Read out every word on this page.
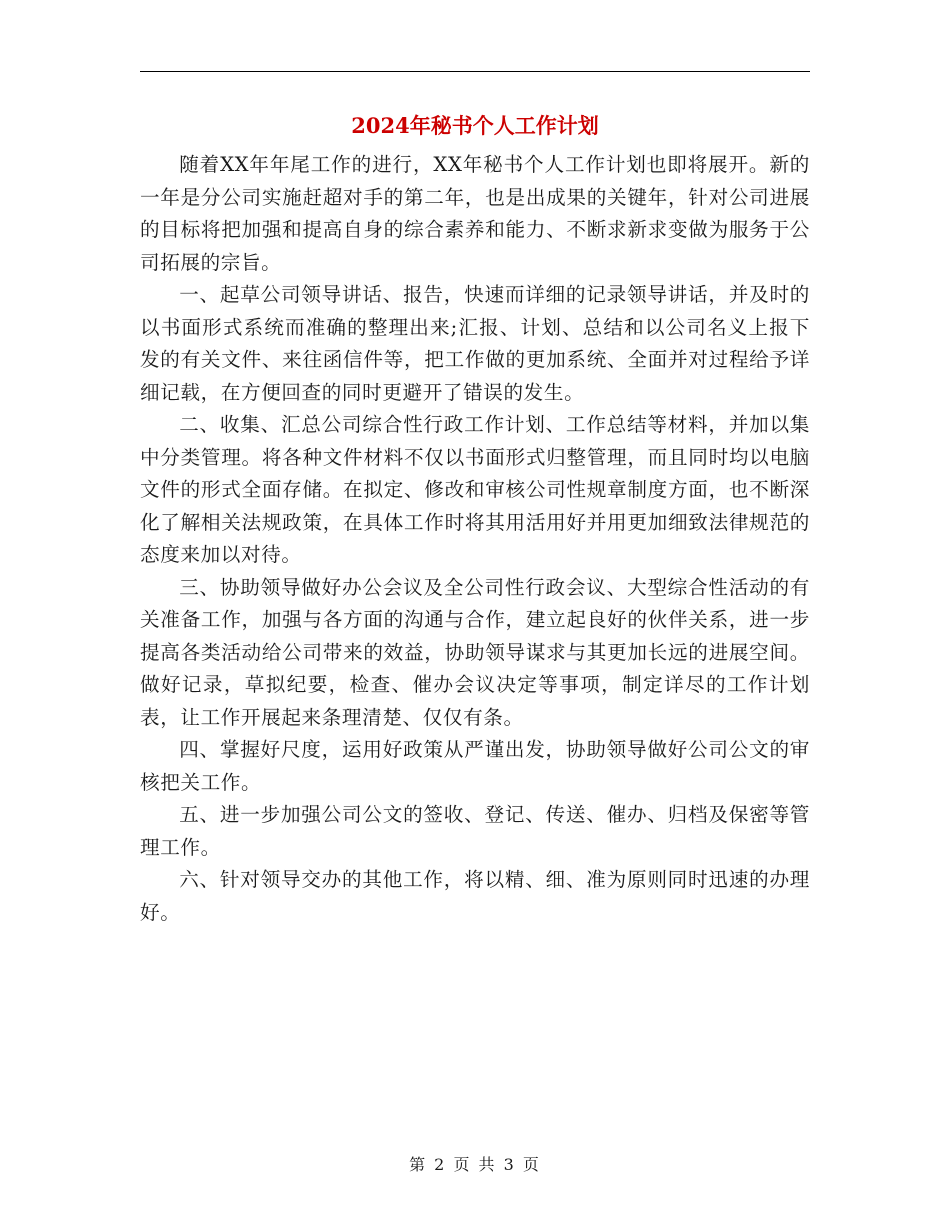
2024年秘书个人工作计划

随着XX年年尾工作的进行，XX年秘书个人工作计划也即将展开。新的一年是分公司实施赶超对手的第二年，也是出成果的关键年，针对公司进展的目标将把加强和提高自身的综合素养和能力、不断求新求变做为服务于公司拓展的宗旨。

一、起草公司领导讲话、报告，快速而详细的记录领导讲话，并及时的以书面形式系统而准确的整理出来;汇报、计划、总结和以公司名义上报下发的有关文件、来往函信件等，把工作做的更加系统、全面并对过程给予详细记载，在方便回查的同时更避开了错误的发生。

二、收集、汇总公司综合性行政工作计划、工作总结等材料，并加以集中分类管理。将各种文件材料不仅以书面形式归整管理，而且同时均以电脑文件的形式全面存储。在拟定、修改和审核公司性规章制度方面，也不断深化了解相关法规政策，在具体工作时将其用活用好并用更加细致法律规范的态度来加以对待。

三、协助领导做好办公会议及全公司性行政会议、大型综合性活动的有关准备工作，加强与各方面的沟通与合作，建立起良好的伙伴关系，进一步提高各类活动给公司带来的效益，协助领导谋求与其更加长远的进展空间。做好记录，草拟纪要，检查、催办会议决定等事项，制定详尽的工作计划表，让工作开展起来条理清楚、仅仅有条。

四、掌握好尺度，运用好政策从严谨出发，协助领导做好公司公文的审核把关工作。

五、进一步加强公司公文的签收、登记、传送、催办、归档及保密等管理工作。

六、针对领导交办的其他工作，将以精、细、准为原则同时迅速的办理好。

第 2 页 共 3 页
